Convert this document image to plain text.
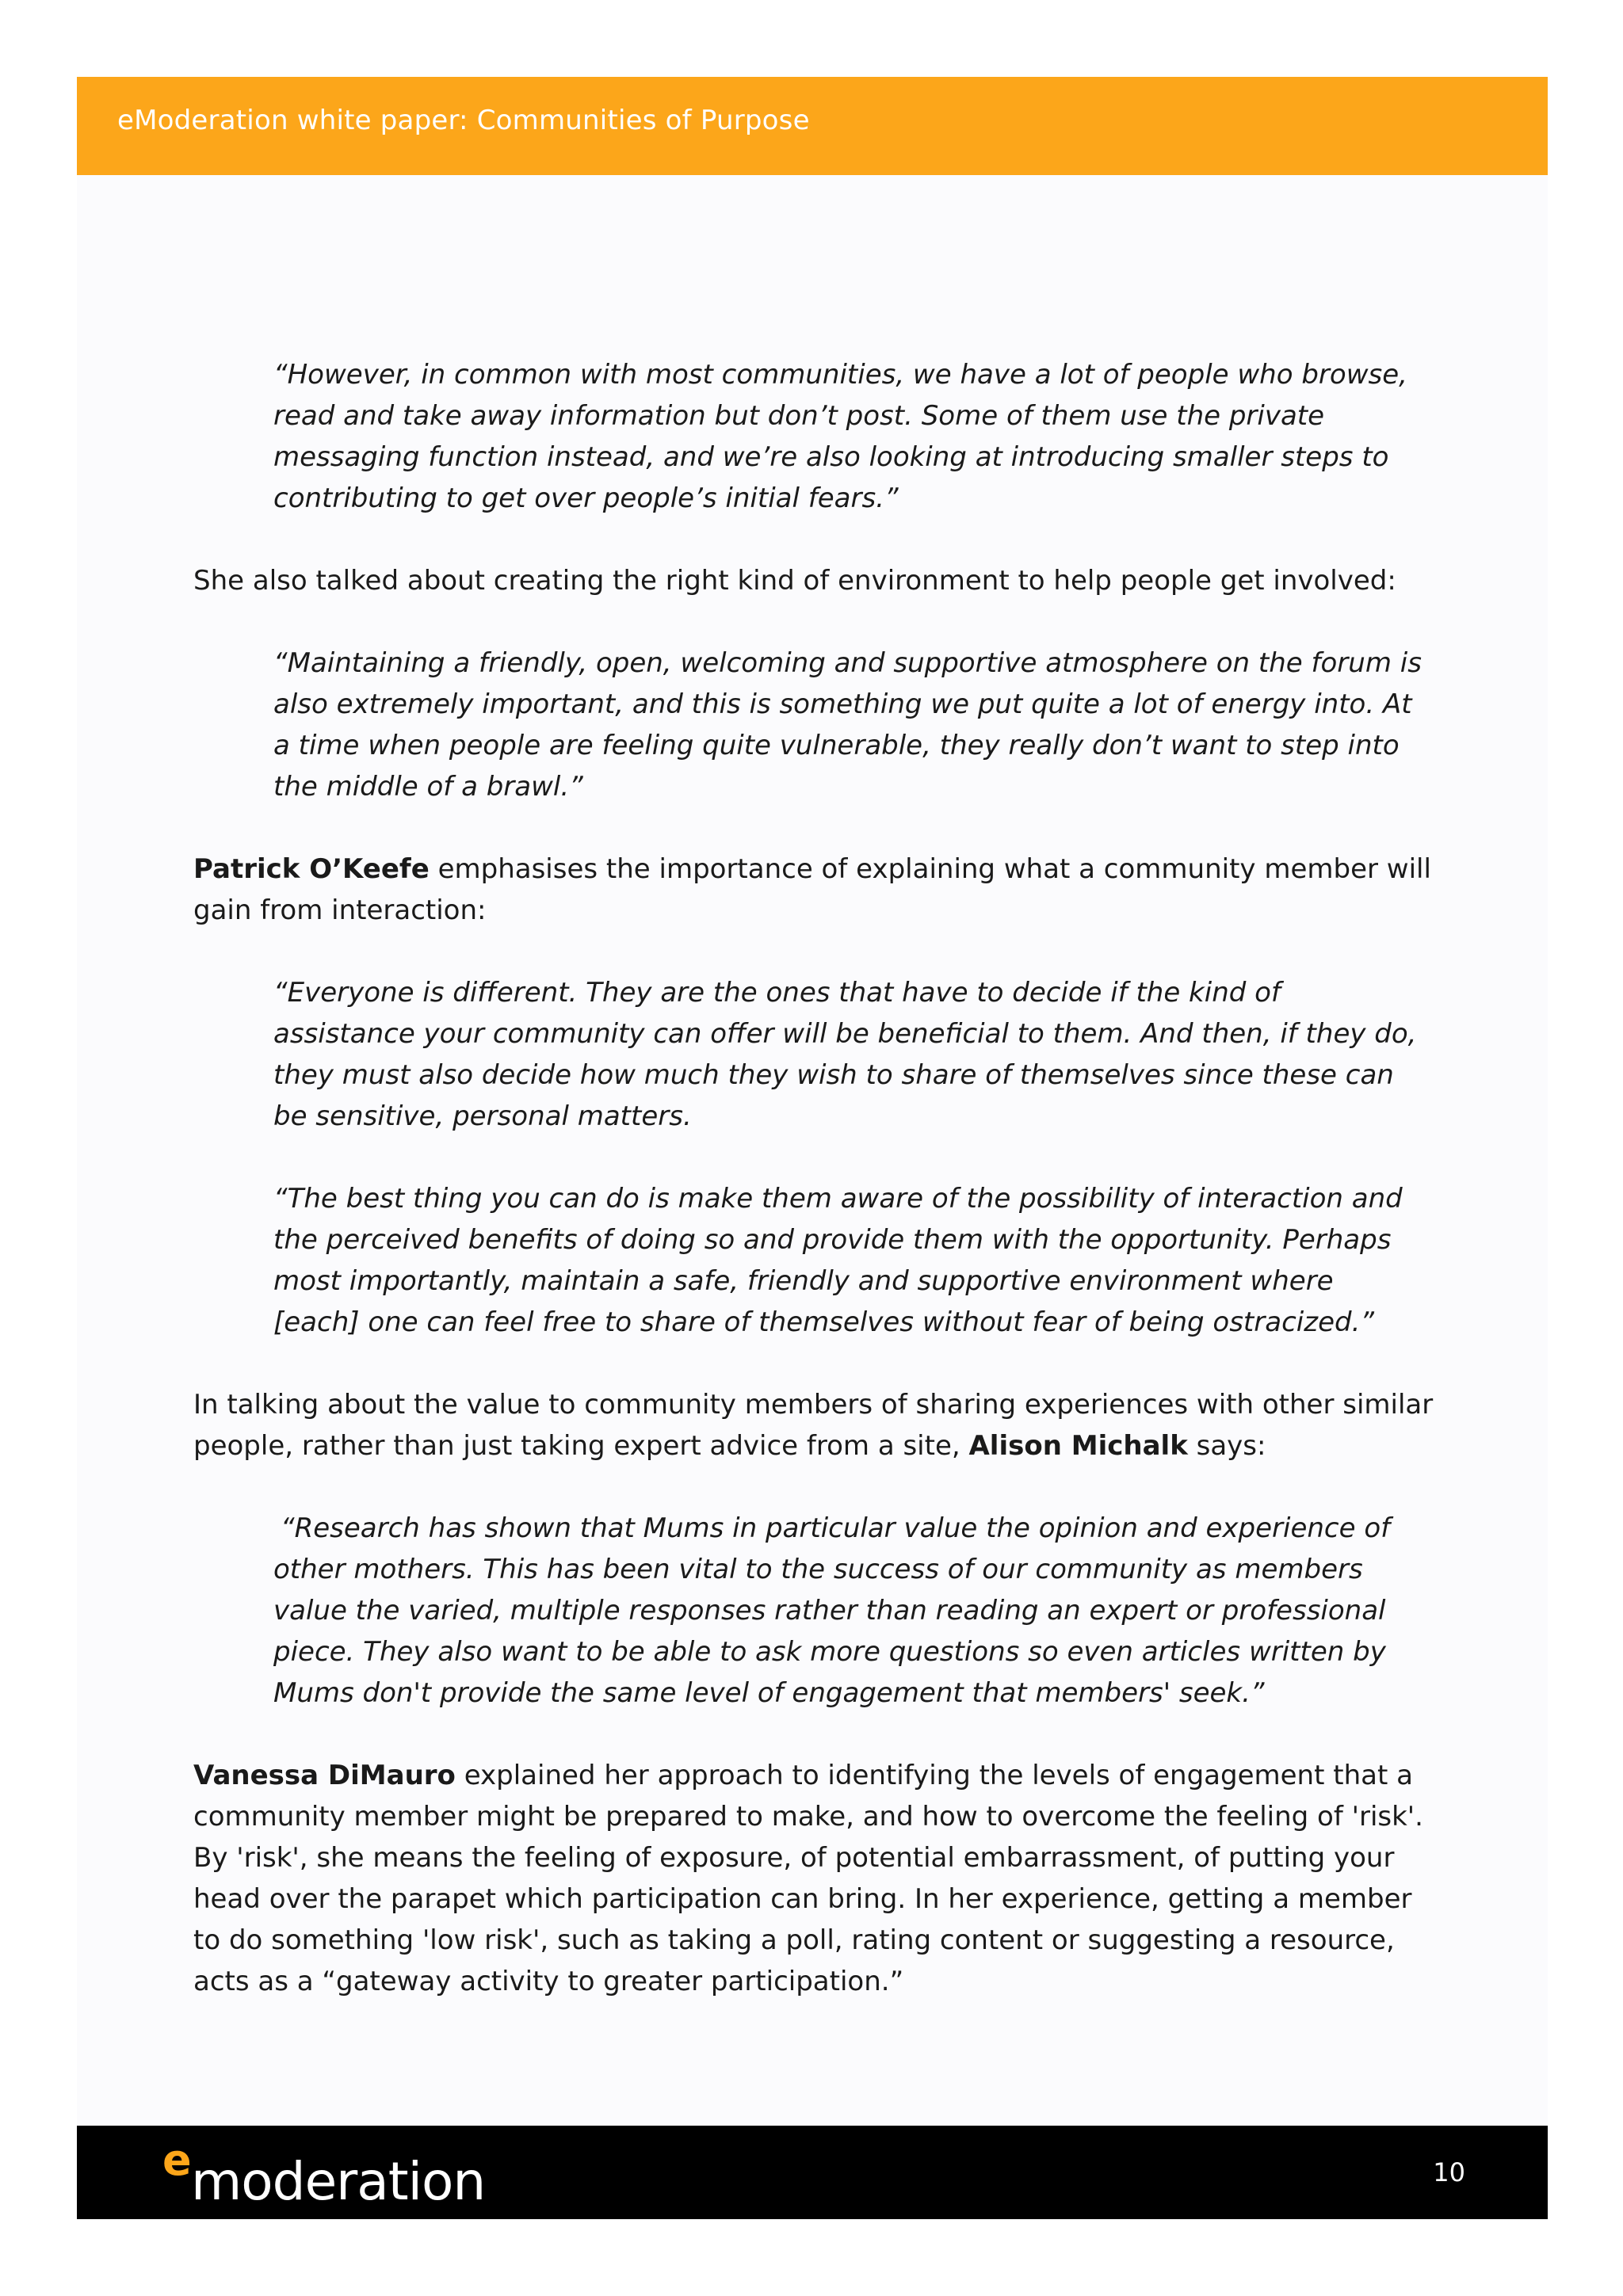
eModeration white paper: Communities of Purpose

“However, in common with most communities, we have a lot of people who browse, read and take away information but don’t post. Some of them use the private messaging function instead, and we’re also looking at introducing smaller steps to contributing to get over people’s initial fears.”

She also talked about creating the right kind of environment to help people get involved:

“Maintaining a friendly, open, welcoming and supportive atmosphere on the forum is also extremely important, and this is something we put quite a lot of energy into. At a time when people are feeling quite vulnerable, they really don’t want to step into the middle of a brawl.”

Patrick O’Keefe emphasises the importance of explaining what a community member will gain from interaction:

“Everyone is different. They are the ones that have to decide if the kind of assistance your community can offer will be beneficial to them. And then, if they do, they must also decide how much they wish to share of themselves since these can be sensitive, personal matters.

“The best thing you can do is make them aware of the possibility of interaction and the perceived benefits of doing so and provide them with the opportunity. Perhaps most importantly, maintain a safe, friendly and supportive environment where [each] one can feel free to share of themselves without fear of being ostracized.”

In talking about the value to community members of sharing experiences with other similar people, rather than just taking expert advice from a site, Alison Michalk says:

“Research has shown that Mums in particular value the opinion and experience of other mothers. This has been vital to the success of our community as members value the varied, multiple responses rather than reading an expert or professional piece. They also want to be able to ask more questions so even articles written by Mums don't provide the same level of engagement that members' seek.”

Vanessa DiMauro explained her approach to identifying the levels of engagement that a community member might be prepared to make, and how to overcome the feeling of 'risk'. By 'risk', she means the feeling of exposure, of potential embarrassment, of putting your head over the parapet which participation can bring. In her experience, getting a member to do something 'low risk', such as taking a poll, rating content or suggesting a resource, acts as a “gateway activity to greater participation.”

e moderation	10
